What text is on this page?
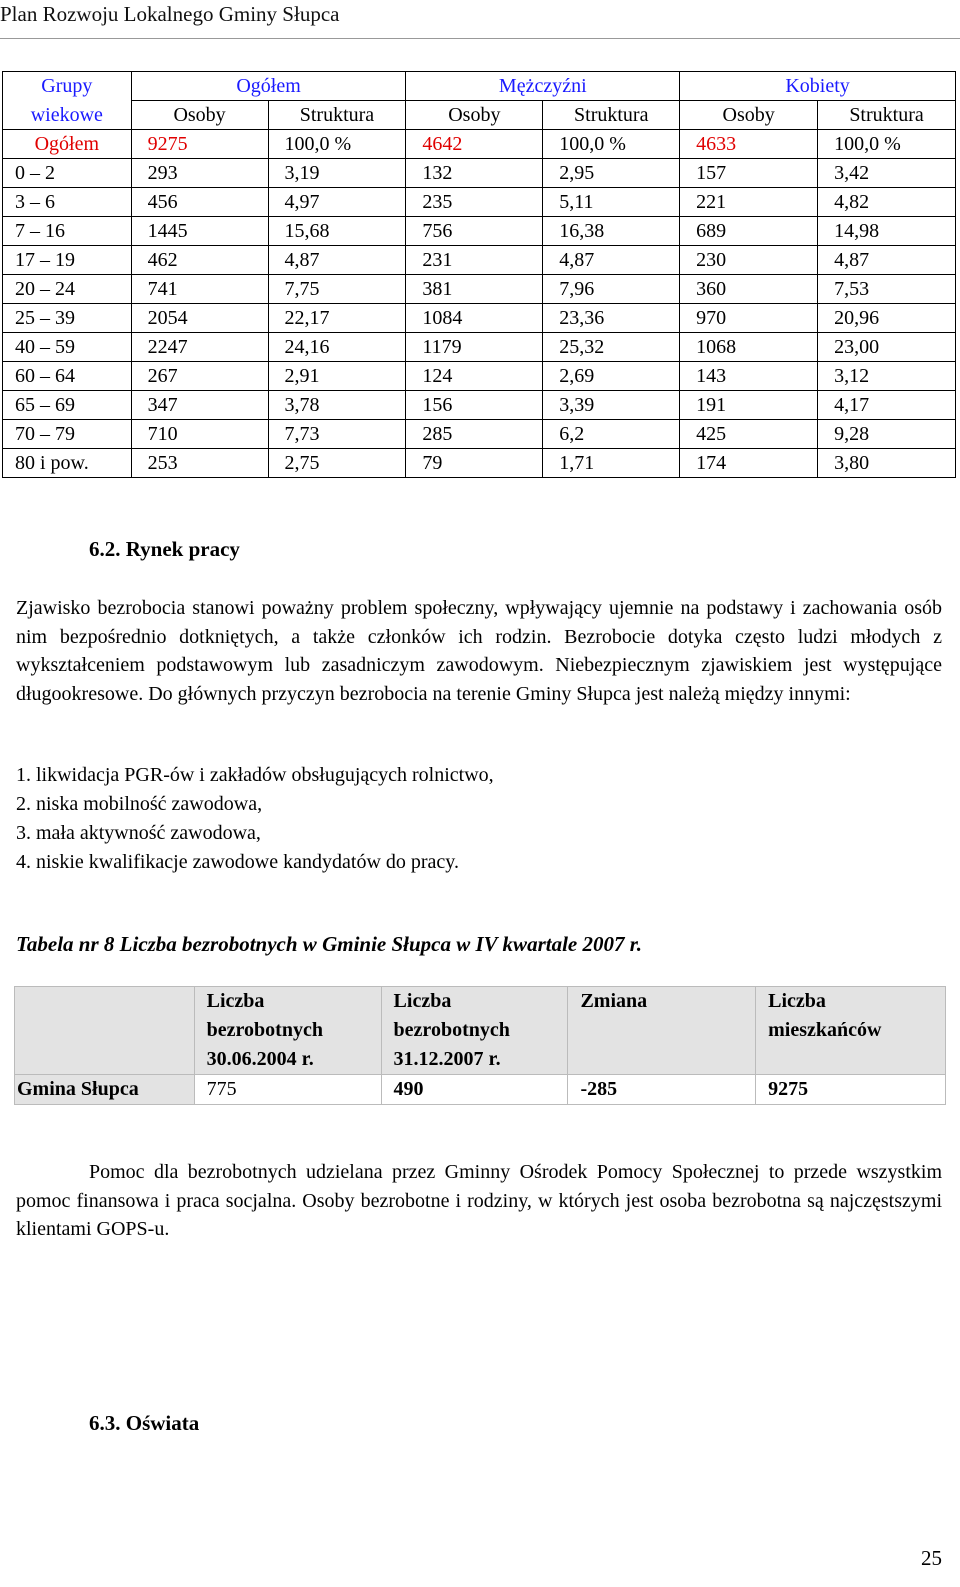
Plan Rozwoju Lokalnego Gminy Słupca
Grupy	Ogółem		Mężczyźni		Kobiety	
wiekowe	Osoby	Struktura	Osoby	Struktura	Osoby	Struktura
Ogółem	9275	100,0 %	4642	100,0 %	4633	100,0 %
0 – 2	293	3,19	132	2,95	157	3,42
3 – 6	456	4,97	235	5,11	221	4,82
7 – 16	1445	15,68	756	16,38	689	14,98
17 – 19	462	4,87	231	4,87	230	4,87
20 – 24	741	7,75	381	7,96	360	7,53
25 – 39	2054	22,17	1084	23,36	970	20,96
40 – 59	2247	24,16	1179	25,32	1068	23,00
60 – 64	267	2,91	124	2,69	143	3,12
65 – 69	347	3,78	156	3,39	191	4,17
70 – 79	710	7,73	285	6,2	425	9,28
80 i pow.	253	2,75	79	1,71	174	3,80
6.2. Rynek pracy
Zjawisko bezrobocia stanowi poważny problem społeczny, wpływający ujemnie na podstawy i zachowania osób nim bezpośrednio dotkniętych, a także członków ich rodzin. Bezrobocie dotyka często ludzi młodych z wykształceniem podstawowym lub zasadniczym zawodowym. Niebezpiecznym zjawiskiem jest występujące długookresowe. Do głównych przyczyn bezrobocia na terenie Gminy Słupca jest należą między innymi:
1. likwidacja PGR-ów i zakładów obsługujących rolnictwo,
2. niska mobilność zawodowa,
3. mała aktywność zawodowa,
4. niskie kwalifikacje zawodowe kandydatów do pracy.
Tabela nr 8 Liczba bezrobotnych w Gminie Słupca w IV kwartale 2007 r.
	Liczba bezrobotnych 30.06.2004 r.	Liczba bezrobotnych 31.12.2007 r.	Zmiana	Liczba mieszkańców
Gmina Słupca	775	490	-285	9275
Pomoc dla bezrobotnych udzielana przez Gminny Ośrodek Pomocy Społecznej to przede wszystkim pomoc finansowa i praca socjalna. Osoby bezrobotne i rodziny, w których jest osoba bezrobotna są najczęstszymi klientami GOPS-u.
6.3. Oświata
25
